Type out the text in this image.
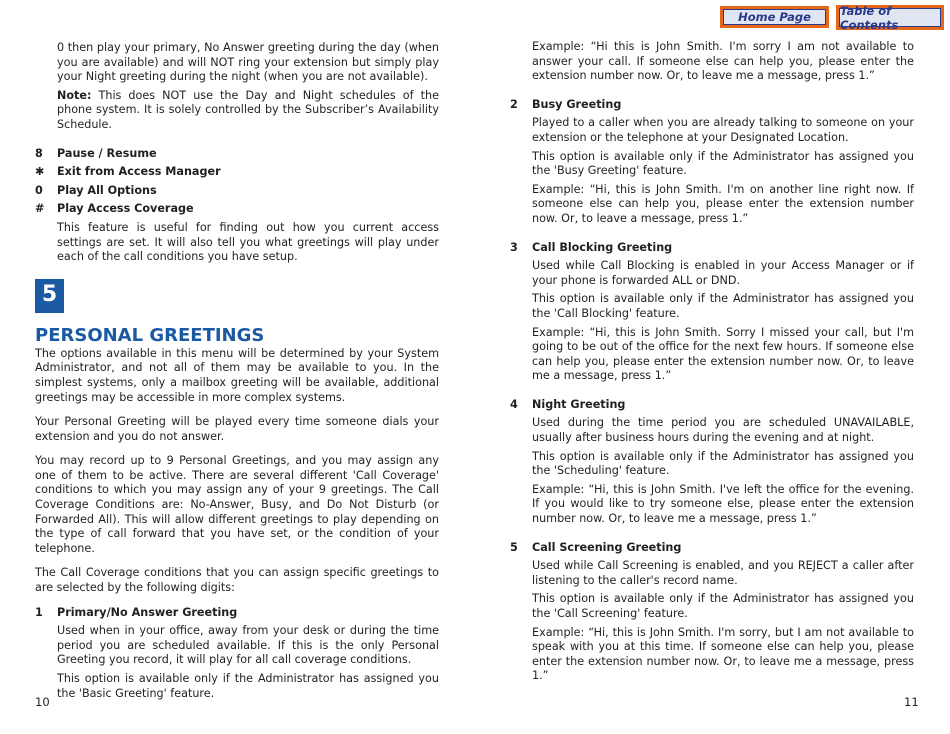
Home Page	Table of Contents

0 then play your primary, No Answer greeting during the day (when you are available) and will NOT ring your extension but simply play your Night greeting during the night (when you are not available).

Note: This does NOT use the Day and Night schedules of the phone system. It is solely controlled by the Subscriber’s Availability Schedule.

8	Pause / Resume
✱	Exit from Access Manager
0	Play All Options
#	Play Access Coverage

This feature is useful for finding out how you current access settings are set. It will also tell you what greetings will play under each of the call conditions you have setup.

5
PERSONAL GREETINGS

The options available in this menu will be determined by your System Administrator, and not all of them may be available to you. In the simplest systems, only a mailbox greeting will be available, additional greetings may be accessible in more complex systems.

Your Personal Greeting will be played every time someone dials your extension and you do not answer.

You may record up to 9 Personal Greetings, and you may assign any one of them to be active. There are several different 'Call Coverage' conditions to which you may assign any of your 9 greetings. The Call Coverage Conditions are: No-Answer, Busy, and Do Not Disturb (or Forwarded All). This will allow different greetings to play depending on the type of call forward that you have set, or the condition of your telephone.

The Call Coverage conditions that you can assign specific greetings to are selected by the following digits:

1	Primary/No Answer Greeting

Used when in your office, away from your desk or during the time period you are scheduled available. If this is the only Personal Greeting you record, it will play for all call coverage conditions.

This option is available only if the Administrator has assigned you the 'Basic Greeting' feature.

10

Example: “Hi this is John Smith. I'm sorry I am not available to answer your call. If someone else can help you, please enter the extension number now. Or, to leave me a message, press 1.”

2	Busy Greeting

Played to a caller when you are already talking to someone on your extension or the telephone at your Designated Location.

This option is available only if the Administrator has assigned you the 'Busy Greeting' feature.

Example: “Hi, this is John Smith. I'm on another line right now. If someone else can help you, please enter the extension number now. Or, to leave a message, press 1.”

3	Call Blocking Greeting

Used while Call Blocking is enabled in your Access Manager or if your phone is forwarded ALL or DND.

This option is available only if the Administrator has assigned you the 'Call Blocking' feature.

Example: “Hi, this is John Smith. Sorry I missed your call, but I'm going to be out of the office for the next few hours. If someone else can help you, please enter the extension number now. Or, to leave me a message, press 1.”

4	Night Greeting

Used during the time period you are scheduled UNAVAILABLE, usually after business hours during the evening and at night.

This option is available only if the Administrator has assigned you the 'Scheduling' feature.

Example: “Hi, this is John Smith. I've left the office for the evening. If you would like to try someone else, please enter the extension number now. Or, to leave me a message, press 1.”

5	Call Screening Greeting

Used while Call Screening is enabled, and you REJECT a caller after listening to the caller's record name.

This option is available only if the Administrator has assigned you the 'Call Screening' feature.

Example: “Hi, this is John Smith. I'm sorry, but I am not available to speak with you at this time. If someone else can help you, please enter the extension number now. Or, to leave me a message, press 1.”

11
